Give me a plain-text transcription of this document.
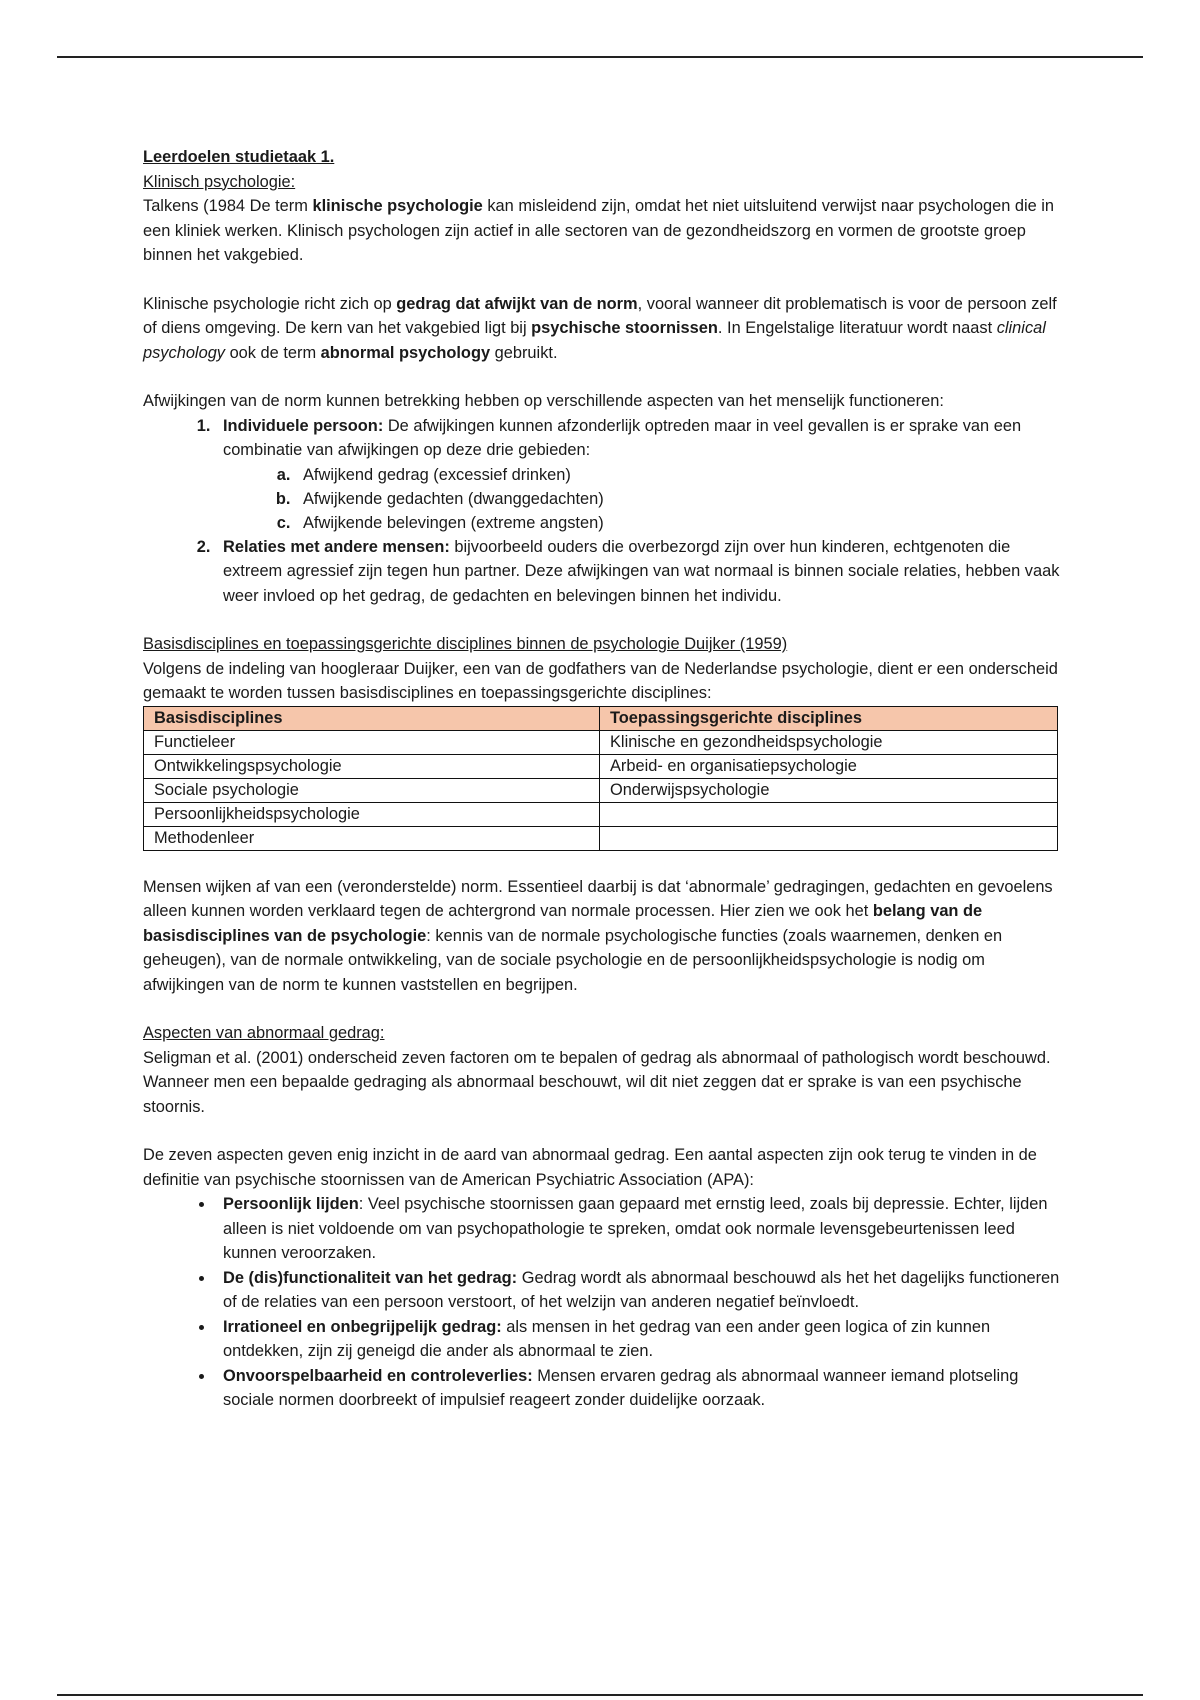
Leerdoelen studietaak 1.

Klinisch psychologie:

Talkens (1984 De term klinische psychologie kan misleidend zijn, omdat het niet uitsluitend verwijst naar psychologen die in een kliniek werken. Klinisch psychologen zijn actief in alle sectoren van de gezondheidszorg en vormen de grootste groep binnen het vakgebied.

Klinische psychologie richt zich op gedrag dat afwijkt van de norm, vooral wanneer dit problematisch is voor de persoon zelf of diens omgeving. De kern van het vakgebied ligt bij psychische stoornissen. In Engelstalige literatuur wordt naast clinical psychology ook de term abnormal psychology gebruikt.

Afwijkingen van de norm kunnen betrekking hebben op verschillende aspecten van het menselijk functioneren:

1. Individuele persoon: De afwijkingen kunnen afzonderlijk optreden maar in veel gevallen is er sprake van een combinatie van afwijkingen op deze drie gebieden:
a. Afwijkend gedrag (excessief drinken)
b. Afwijkende gedachten (dwanggedachten)
c. Afwijkende belevingen (extreme angsten)
2. Relaties met andere mensen: bijvoorbeeld ouders die overbezorgd zijn over hun kinderen, echtgenoten die extreem agressief zijn tegen hun partner. Deze afwijkingen van wat normaal is binnen sociale relaties, hebben vaak weer invloed op het gedrag, de gedachten en belevingen binnen het individu.

Basisdisciplines en toepassingsgerichte disciplines binnen de psychologie Duijker (1959)

Volgens de indeling van hoogleraar Duijker, een van de godfathers van de Nederlandse psychologie, dient er een onderscheid gemaakt te worden tussen basisdisciplines en toepassingsgerichte disciplines:

Basisdisciplines	Toepassingsgerichte disciplines
Functieleer	Klinische en gezondheidspsychologie
Ontwikkelingspsychologie	Arbeid- en organisatiepsychologie
Sociale psychologie	Onderwijspsychologie
Persoonlijkheidspsychologie	
Methodenleer	

Mensen wijken af van een (veronderstelde) norm. Essentieel daarbij is dat ‘abnormale’ gedragingen, gedachten en gevoelens alleen kunnen worden verklaard tegen de achtergrond van normale processen. Hier zien we ook het belang van de basisdisciplines van de psychologie: kennis van de normale psychologische functies (zoals waarnemen, denken en geheugen), van de normale ontwikkeling, van de sociale psychologie en de persoonlijkheidspsychologie is nodig om afwijkingen van de norm te kunnen vaststellen en begrijpen.

Aspecten van abnormaal gedrag:

Seligman et al. (2001) onderscheid zeven factoren om te bepalen of gedrag als abnormaal of pathologisch wordt beschouwd. Wanneer men een bepaalde gedraging als abnormaal beschouwt, wil dit niet zeggen dat er sprake is van een psychische stoornis.

De zeven aspecten geven enig inzicht in de aard van abnormaal gedrag. Een aantal aspecten zijn ook terug te vinden in de definitie van psychische stoornissen van de American Psychiatric Association (APA):

• Persoonlijk lijden: Veel psychische stoornissen gaan gepaard met ernstig leed, zoals bij depressie. Echter, lijden alleen is niet voldoende om van psychopathologie te spreken, omdat ook normale levensgebeurtenissen leed kunnen veroorzaken.
• De (dis)functionaliteit van het gedrag: Gedrag wordt als abnormaal beschouwd als het het dagelijks functioneren of de relaties van een persoon verstoort, of het welzijn van anderen negatief beïnvloedt.
• Irrationeel en onbegrijpelijk gedrag: als mensen in het gedrag van een ander geen logica of zin kunnen ontdekken, zijn zij geneigd die ander als abnormaal te zien.
• Onvoorspelbaarheid en controleverlies: Mensen ervaren gedrag als abnormaal wanneer iemand plotseling sociale normen doorbreekt of impulsief reageert zonder duidelijke oorzaak.
